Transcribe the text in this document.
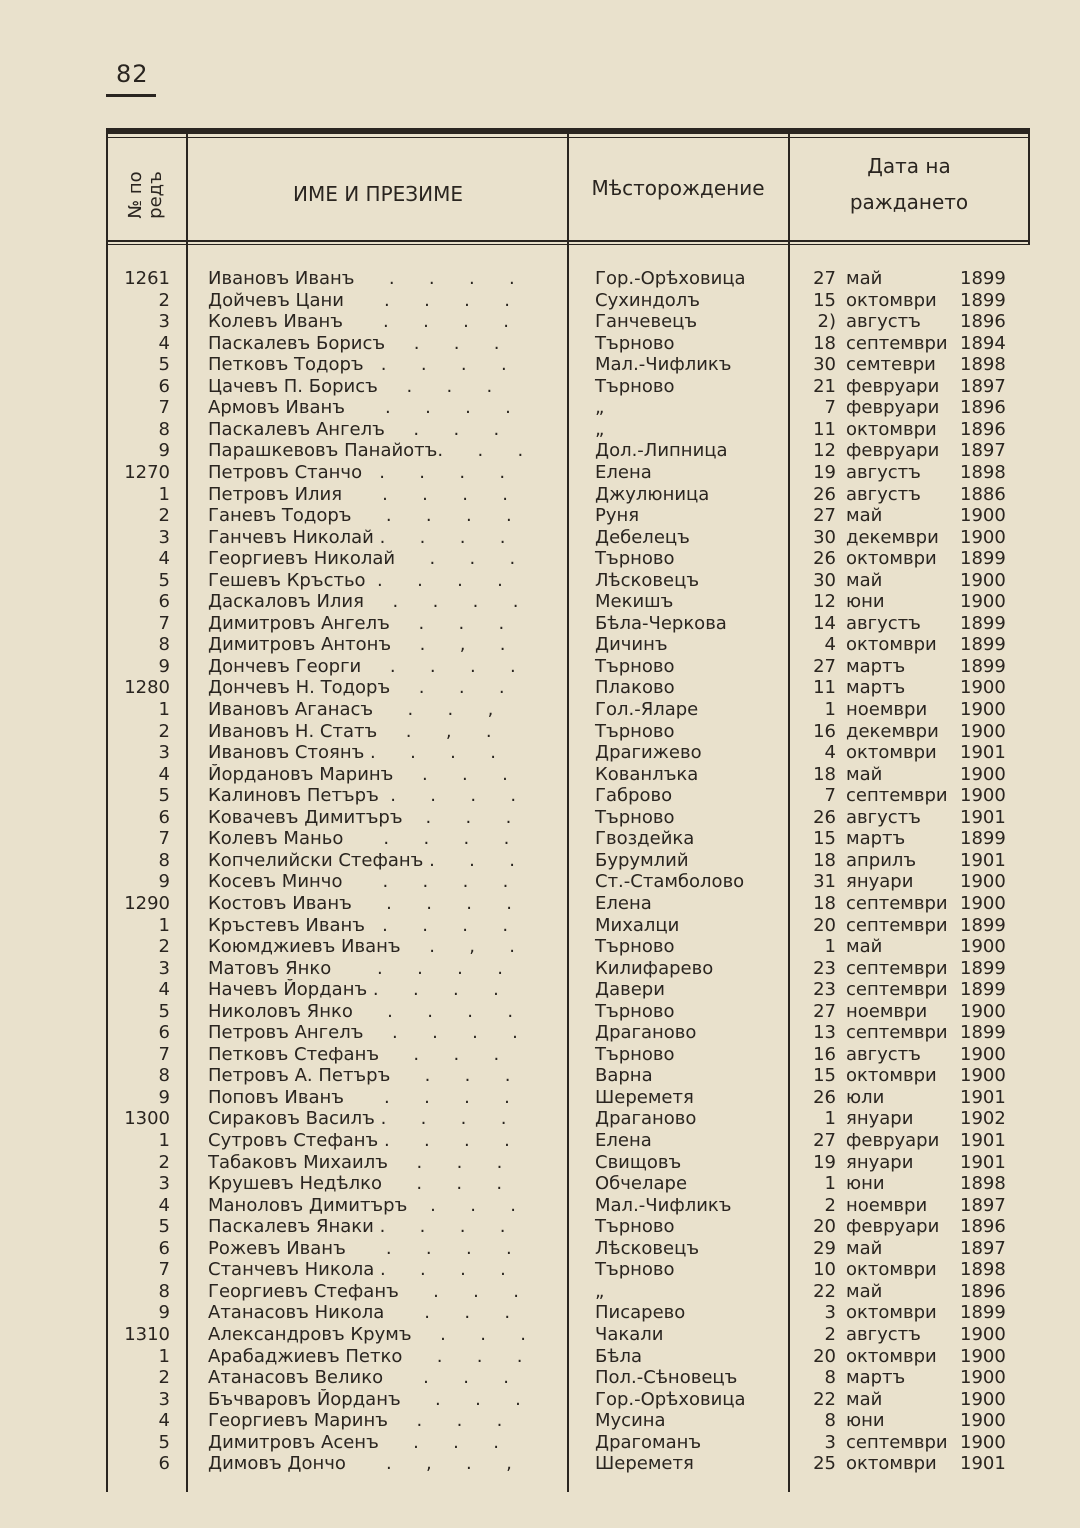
82
№ по редъ	ИМЕ И ПРЕЗИМЕ	Мѣсторождение
Дата на
раждането
1261 Ивановъ Иванъ      .      .      .      .	Гор.-Орѣховица	27 май	1899
2 Дойчевъ Цани       .      .      .      .	Сухиндолъ	15 октомври	1899
3 Колевъ Иванъ       .      .      .      .	Ганчевецъ	2) августъ	1896
4 Паскалевъ Борисъ     .      .      .	Търново	18 септември 1894
5 Петковъ Тодоръ   .      .      .      .	Мал.-Чифликъ	30 семтеври	1898
6 Цачевъ П. Борисъ     .      .      .	Търново	21 февруари	1897
7 Армовъ Иванъ       .      .      .      .	„	7 февруари	1896
8 Паскалевъ Ангелъ     .      .      .	„	11 октомври	1896
9 Парашкевовъ Панайотъ.      .      .	Дол.-Липница	12 февруари	1897
1270 Петровъ Станчо   .      .      .      .	Елена	19 августъ	1898
1 Петровъ Илия       .      .      .      .	Джулюница	26 августъ	1886
2 Ганевъ Тодоръ      .      .      .      .	Руня	27 май	1900
3 Ганчевъ Николай .      .      .      .	Дебелецъ	30 декември	1900
4 Георгиевъ Николай      .      .      .	Търново	26 октомври	1899
5 Гешевъ Кръстьо  .      .      .      .	Лѣсковецъ	30 май	1900
6 Даскаловъ Илия     .      .      .      .	Мекишъ	12 юни	1900
7 Димитровъ Ангелъ     .      .      .	Бѣла-Черкова	14 августъ	1899
8 Димитровъ Антонъ     .      ,      .	Дичинъ	4 октомври	1899
9 Дончевъ Георги     .      .      .      .	Търново	27 мартъ	1899
1280 Дончевъ Н. Тодоръ     .      .      .	Плаково	11 мартъ	1900
1 Ивановъ Аганасъ      .      .      ,	Гол.-Яларе	1 ноември	1900
2 Ивановъ Н. Статъ     .      ,      .	Търново	16 декември	1900
3 Ивановъ Стоянъ .      .      .      .	Драгижево	4 октомври	1901
4 Йордановъ Маринъ     .      .      .	Кованлъка	18 май	1900
5 Калиновъ Петъръ  .      .      .      .	Габрово	7 септември 1900
6 Ковачевъ Димитъръ    .      .      .	Търново	26 августъ	1901
7 Колевъ Маньо       .      .      .      .	Гвоздейка	15 мартъ	1899
8 Копчелийски Стефанъ .      .      .	Бурумлий	18 априлъ	1901
9 Косевъ Минчо       .      .      .      .	Ст.-Стамболово	31 януари	1900
1290 Костовъ Иванъ      .      .      .      .	Елена	18 септември 1900
1 Кръстевъ Иванъ   .      .      .      .	Михалци	20 септември 1899
2 Коюмджиевъ Иванъ     .      ,      .	Търново	1 май	1900
3 Матовъ Янко        .      .      .      .	Килифарево	23 септември 1899
4 Начевъ Йорданъ .      .      .      .	Давери	23 септември 1899
5 Николовъ Янко      .      .      .      .	Търново	27 ноември	1900
6 Петровъ Ангелъ     .      .      .      .	Драганово	13 септември 1899
7 Петковъ Стефанъ      .      .      .	Търново	16 августъ	1900
8 Петровъ А. Петъръ      .      .      .	Варна	15 октомври	1900
9 Поповъ Иванъ       .      .      .      .	Шереметя	26 юли	1901
1300 Сираковъ Василъ .      .      .      .	Драганово	1 януари	1902
1 Сутровъ Стефанъ .      .      .      .	Елена	27 февруари	1901
2 Табаковъ Михаилъ     .      .      .	Свищовъ	19 януари	1901
3 Крушевъ Недѣлко      .      .      .	Обчеларе	1 юни	1898
4 Маноловъ Димитъръ    .      .      .	Мал.-Чифликъ	2 ноември	1897
5 Паскалевъ Янаки .      .      .      .	Търново	20 февруари	1896
6 Рожевъ Иванъ       .      .      .      .	Лѣсковецъ	29 май	1897
7 Станчевъ Никола .      .      .      .	Търново	10 октомври	1898
8 Георгиевъ Стефанъ      .      .      .	„	22 май	1896
9 Атанасовъ Никола       .      .      .	Писарево	3 октомври	1899
1310 Александровъ Крумъ     .      .      .	Чакали	2 августъ	1900
1 Арабаджиевъ Петко      .      .      .	Бѣла	20 октомври	1900
2 Атанасовъ Велико       .      .      .	Пол.-Сѣновецъ	8 мартъ	1900
3 Бъчваровъ Йорданъ      .      .      .	Гор.-Орѣховица	22 май	1900
4 Георгиевъ Маринъ     .      .      .	Мусина	8 юни	1900
5 Димитровъ Асенъ      .      .      .	Драгоманъ	3 септември 1900
6 Димовъ Дончо       .      ,      .      ,	Шереметя	25 октомври	1901
